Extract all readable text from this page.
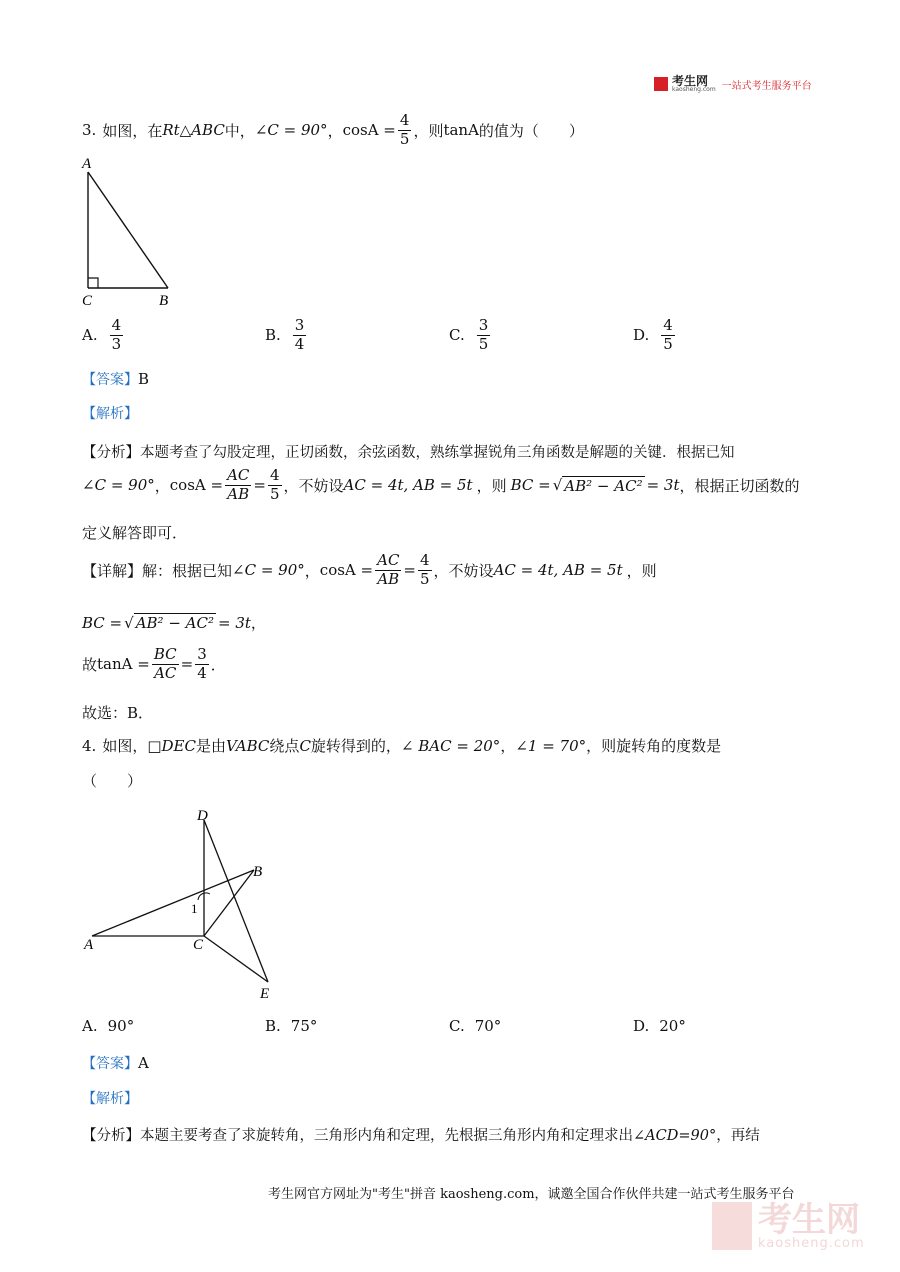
考生网
kaosheng.com 一站式考生服务平台
3. 如图，在 Rt△ABC 中， ∠C = 90° ， $\cos A = \frac{4}{5}$ ，则 tanA 的值为（　　）
A
C	B
A. $\frac{4}{3}$	B. $\frac{3}{4}$	C. $\frac{3}{5}$	D. $\frac{4}{5}$
【答案】B
【解析】
【分析】本题考查了勾股定理，正切函数，余弦函数，熟练掌握锐角三角函数是解题的关键．根据已知
∠C = 90° ， $\cos A = \frac{AC}{AB} = \frac{4}{5}$ ，不妨设 AC = 4t, AB = 5t ，则 BC = √ AB² − AC² = 3t ，根据正切函数的
定义解答即可．
【详解】 解：根据已知 ∠C = 90° ， $\cos A = \frac{AC}{AB} = \frac{4}{5}$ ，不妨设 AC = 4t, AB = 5t ，则
BC = √ AB² − AC² = 3t ，
故 $\tan A = \frac{BC}{AC} = \frac{3}{4}$ ．
故选：B．
4. 如图， □DEC 是由 VABC 绕点 C 旋转得到的， ∠ BAC = 20° ， ∠1 = 70° ，则旋转角的度数是
（　　）
D
B
1
A	C
E
A. 90°	B. 75°	C. 70°	D. 20°
【答案】A
【解析】
【分析】本题主要考查了求旋转角，三角形内角和定理，先根据三角形内角和定理求出∠ACD=90°，再结
考生网官方网址为"考生"拼音 kaosheng.com，诚邀全国合作伙伴共建一站式考生服务平台
考生网
kaosheng.com
